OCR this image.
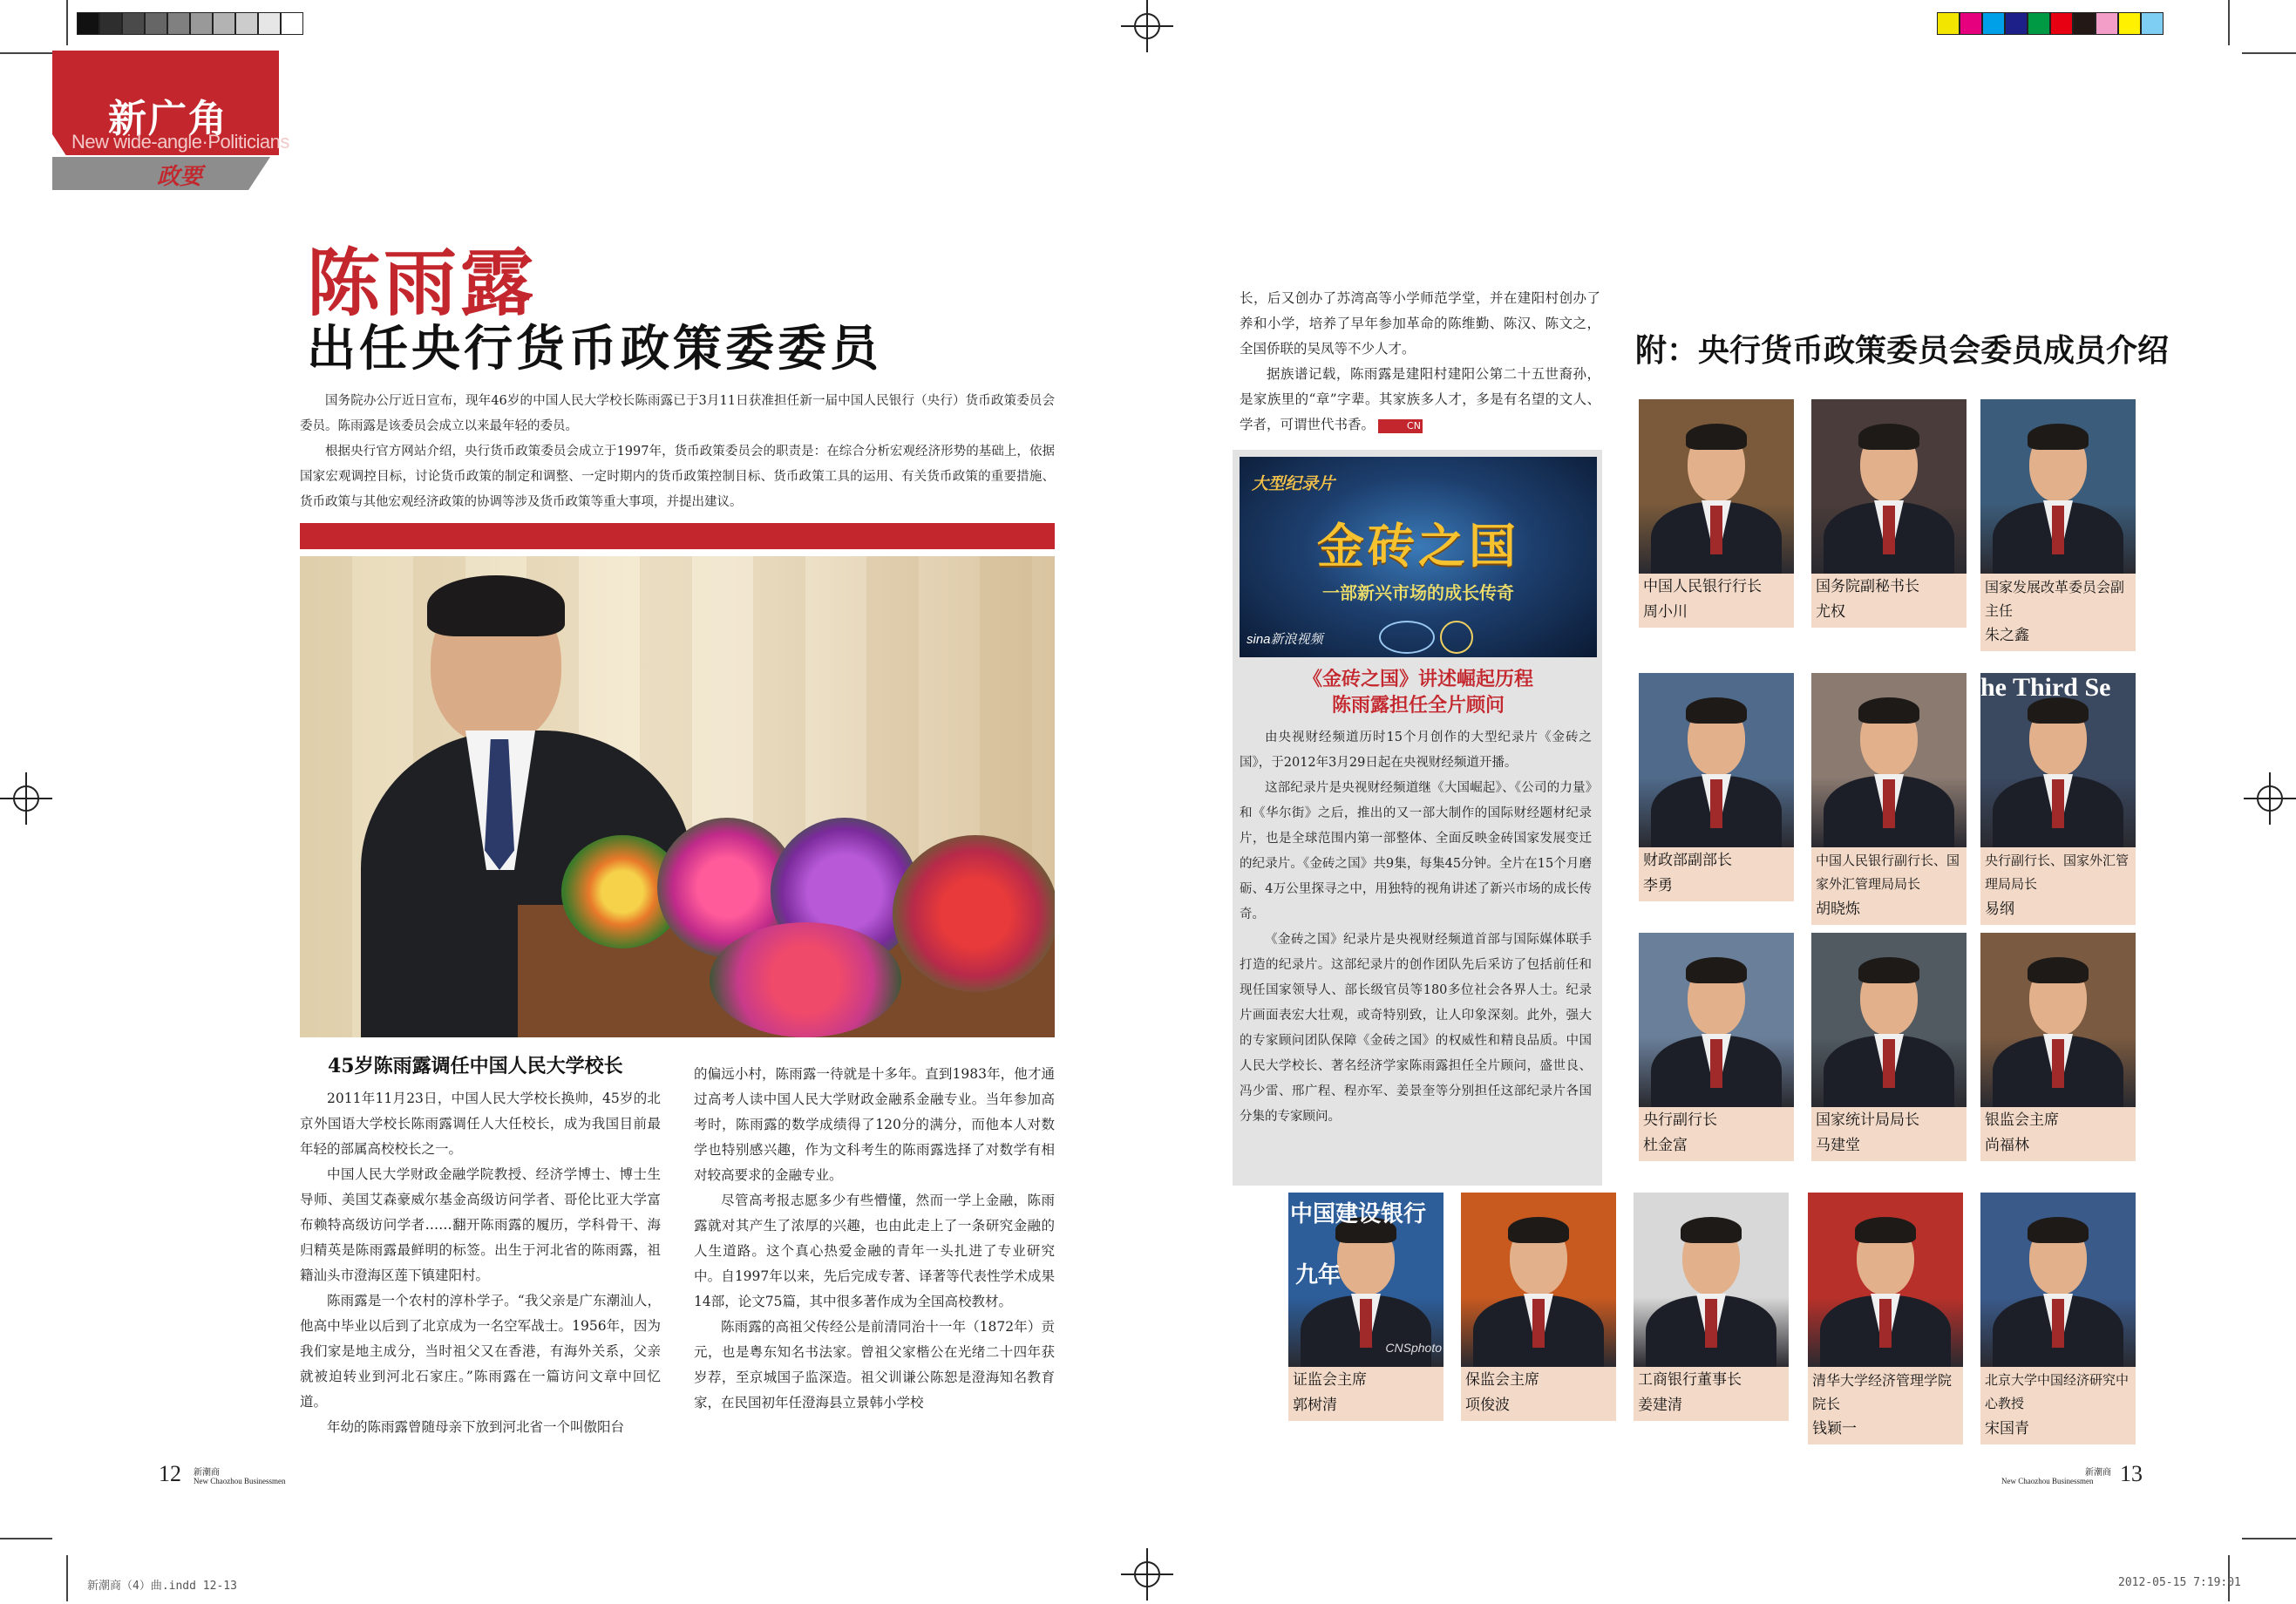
新潮商（4）曲.indd 12-13	2012-05-15 7:19:01
新广角
New wide-angle·Politicians
政要
陈雨露
出任央行货币政策委委员

国务院办公厅近日宣布，现年46岁的中国人民大学校长陈雨露已于3月11日获准担任新一届中国人民银行（央行）货币政策委员会委员。陈雨露是该委员会成立以来最年轻的委员。

根据央行官方网站介绍，央行货币政策委员会成立于1997年，货币政策委员会的职责是：在综合分析宏观经济形势的基础上，依据国家宏观调控目标，讨论货币政策的制定和调整、一定时期内的货币政策控制目标、货币政策工具的运用、有关货币政策的重要措施、货币政策与其他宏观经济政策的协调等涉及货币政策等重大事项，并提出建议。

45岁陈雨露调任中国人民大学校长

2011年11月23日，中国人民大学校长换帅，45岁的北京外国语大学校长陈雨露调任人大任校长，成为我国目前最年轻的部属高校校长之一。

中国人民大学财政金融学院教授、经济学博士、博士生导师、美国艾森豪威尔基金高级访问学者、哥伦比亚大学富布赖特高级访问学者……翻开陈雨露的履历，学科骨干、海归精英是陈雨露最鲜明的标签。出生于河北省的陈雨露，祖籍汕头市澄海区莲下镇建阳村。

陈雨露是一个农村的淳朴学子。“我父亲是广东潮汕人，他高中毕业以后到了北京成为一名空军战士。1956年，因为我们家是地主成分，当时祖父又在香港，有海外关系，父亲就被迫转业到河北石家庄。”陈雨露在一篇访问文章中回忆道。

年幼的陈雨露曾随母亲下放到河北省一个叫傲阳台

的偏远小村，陈雨露一待就是十多年。直到1983年，他才通过高考人读中国人民大学财政金融系金融专业。当年参加高考时，陈雨露的数学成绩得了120分的满分，而他本人对数学也特别感兴趣，作为文科考生的陈雨露选择了对数学有相对较高要求的金融专业。

尽管高考报志愿多少有些懵懂，然而一学上金融，陈雨露就对其产生了浓厚的兴趣，也由此走上了一条研究金融的人生道路。这个真心热爱金融的青年一头扎进了专业研究中。自1997年以来，先后完成专著、译著等代表性学术成果14部，论文75篇，其中很多著作成为全国高校教材。

陈雨露的高祖父传经公是前清同治十一年（1872年）贡元，也是粤东知名书法家。曾祖父家楷公在光绪二十四年获岁荐，至京城国子监深造。祖父训谦公陈恕是澄海知名教育家，在民国初年任澄海县立景韩小学校

长，后又创办了苏湾高等小学师范学堂，并在建阳村创办了养和小学，培养了早年参加革命的陈维勤、陈汉、陈文之，全国侨联的吴凤等不少人才。

据族谱记载，陈雨露是建阳村建阳公第二十五世裔孙，是家族里的“章”字辈。其家族多人才，多是有名望的文人、学者，可谓世代书香。	CN

大型纪录片
金砖之国
一部新兴市场的成长传奇
sina新浪视频
《金砖之国》讲述崛起历程
陈雨露担任全片顾问

由央视财经频道历时15个月创作的大型纪录片《金砖之国》，于2012年3月29日起在央视财经频道开播。

这部纪录片是央视财经频道继《大国崛起》、《公司的力量》和《华尔街》之后，推出的又一部大制作的国际财经题材纪录片，也是全球范围内第一部整体、全面反映金砖国家发展变迁的纪录片。《金砖之国》共9集，每集45分钟。全片在15个月磨砺、4万公里探寻之中，用独特的视角讲述了新兴市场的成长传奇。

《金砖之国》纪录片是央视财经频道首部与国际媒体联手打造的纪录片。这部纪录片的创作团队先后采访了包括前任和现任国家领导人、部长级官员等180多位社会各界人士。纪录片画面表宏大壮观，或奇特别致，让人印象深刻。此外，强大的专家顾问团队保障《金砖之国》的权威性和精良品质。中国人民大学校长、著名经济学家陈雨露担任全片顾问，盛世良、冯少雷、邢广程、程亦军、姜景奎等分别担任这部纪录片各国分集的专家顾问。

附：央行货币政策委员会委员成员介绍
中国人民银行行长
周小川
国务院副秘书长
尤权
国家发展改革委员会副主任
朱之鑫
财政部副部长
李勇
中国人民银行副行长、国家外汇管理局局长
胡晓炼
he Third Se
央行副行长、国家外汇管理局局长
易纲
央行副行长
杜金富
国家统计局局长
马建堂
银监会主席
尚福林
中国建设银行
九年
CNSphoto
证监会主席
郭树清
保监会主席
项俊波
工商银行董事长
姜建清
清华大学经济管理学院院长
钱颖一
北京大学中国经济研究中心教授
宋国青
12 新潮商
New Chaozhou Businessmen	13
新潮商
New Chaozhou Businessmen
